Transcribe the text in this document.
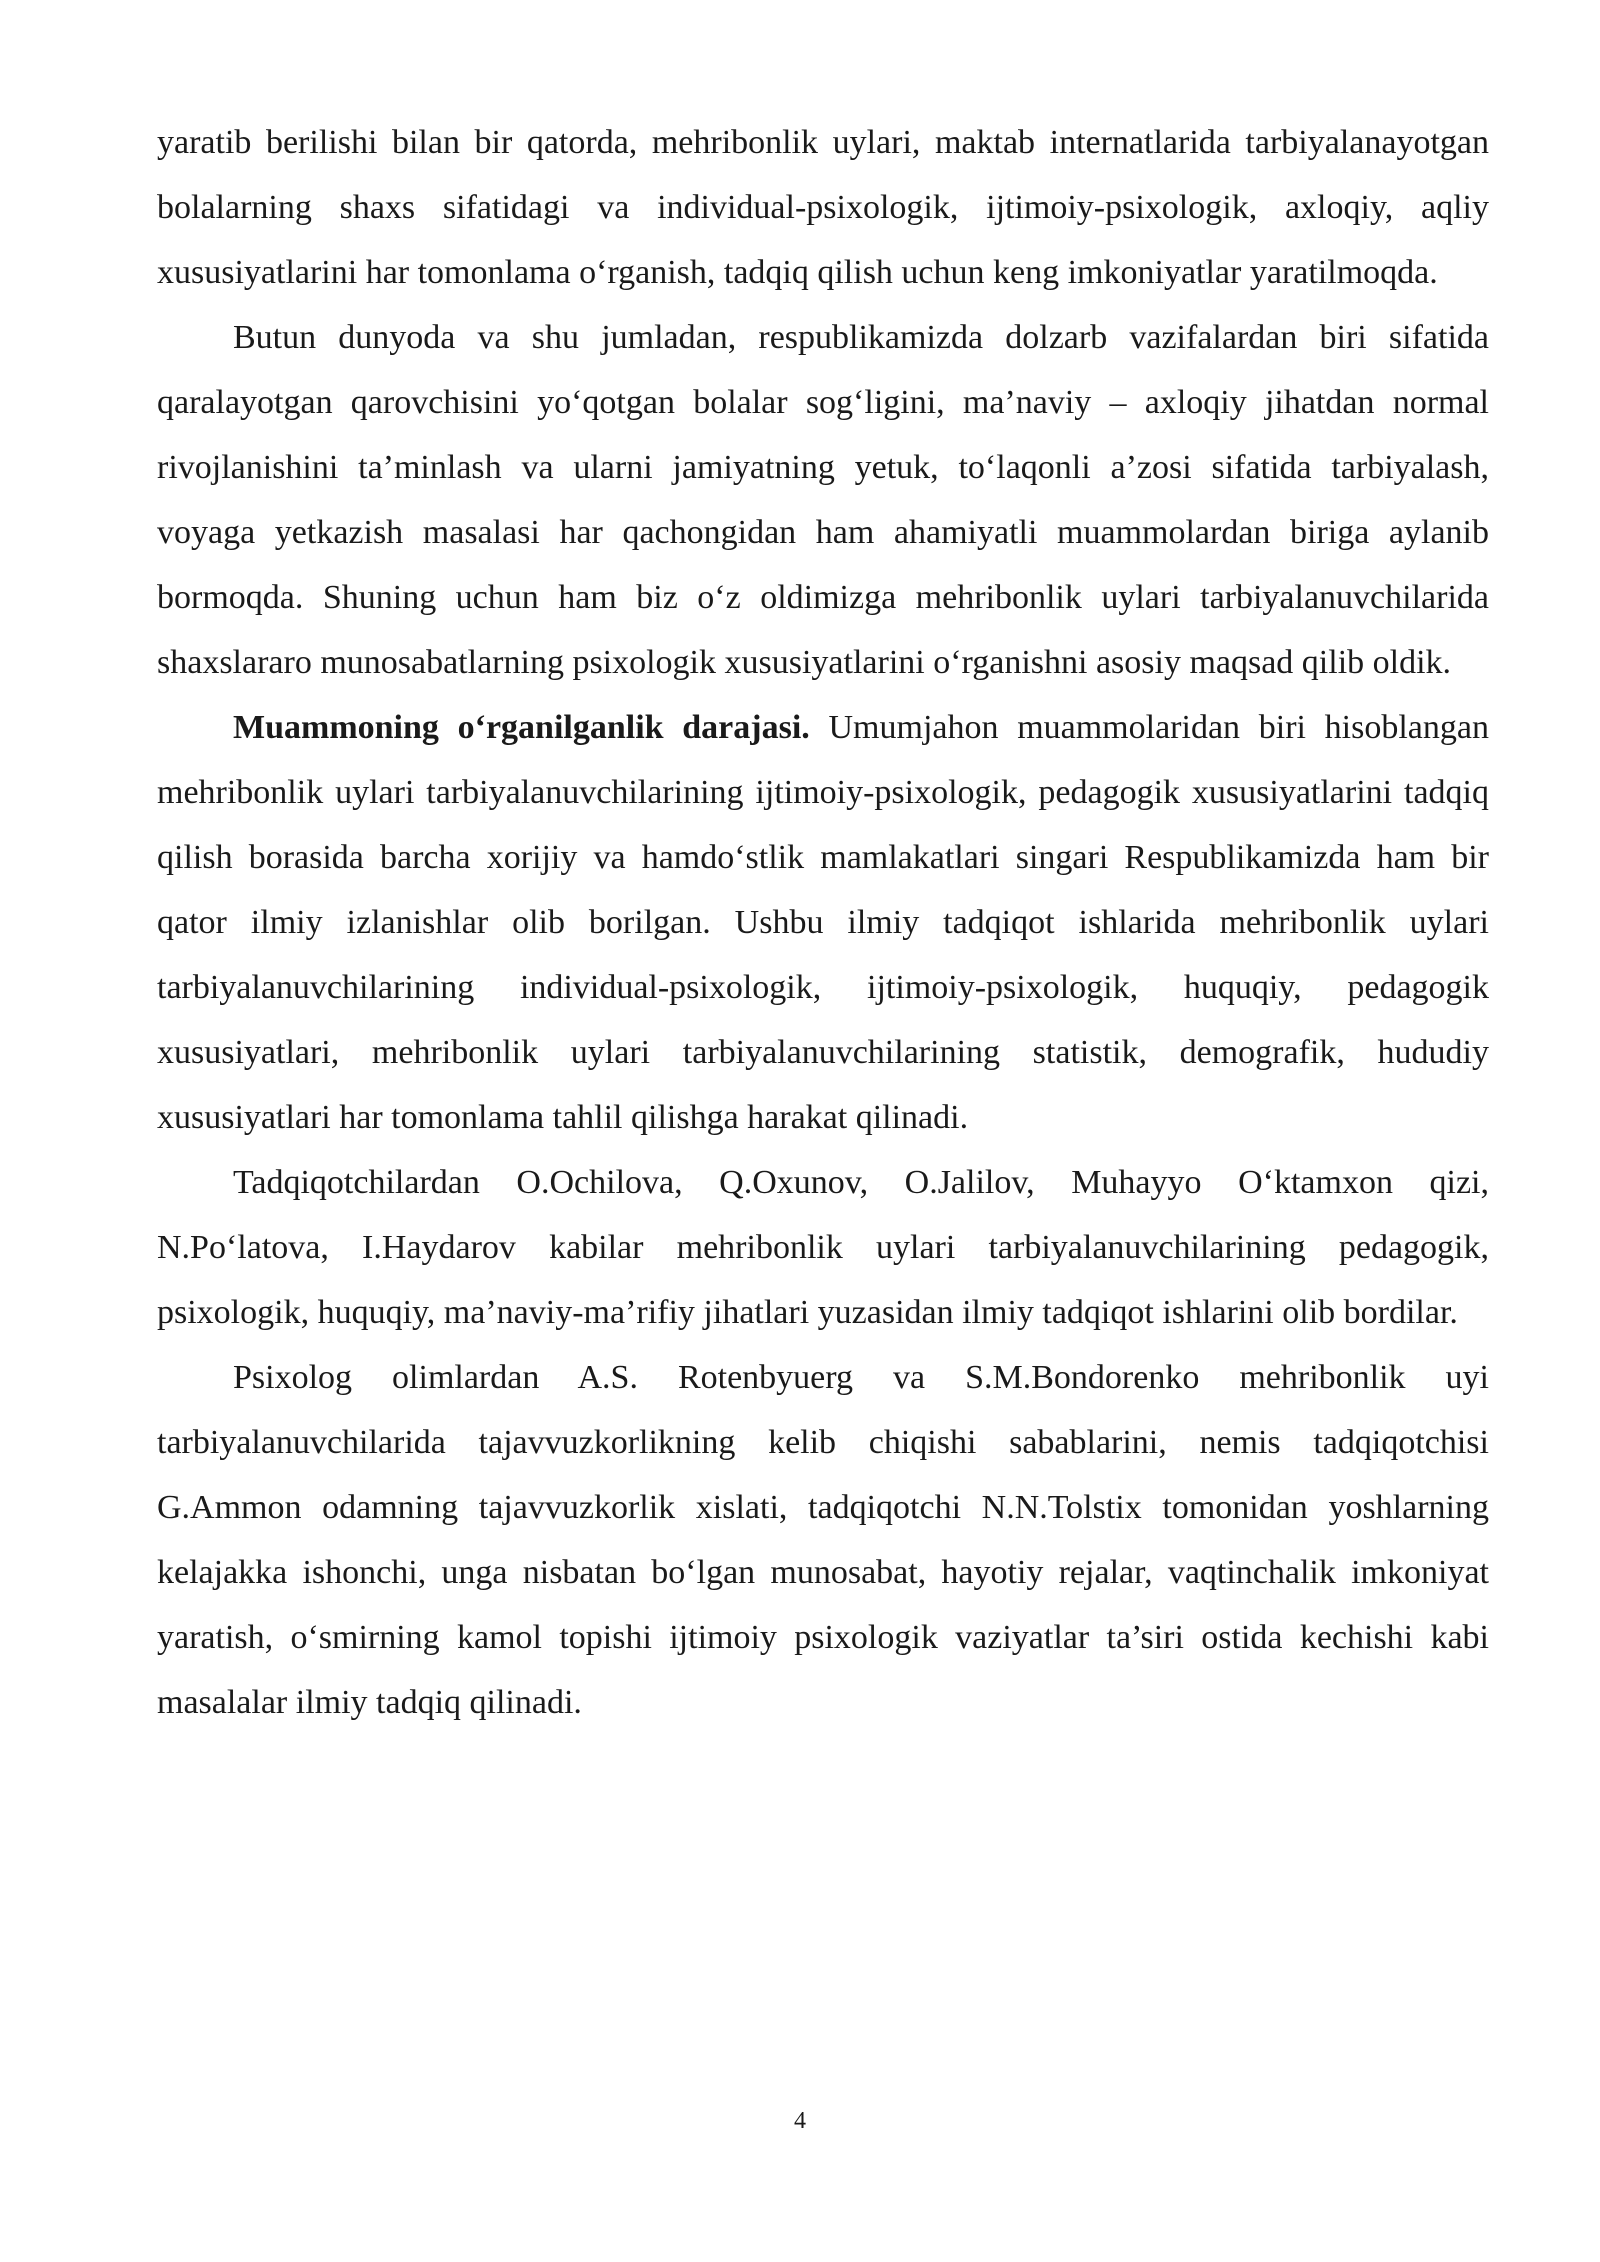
yaratib berilishi bilan bir qatorda, mehribonlik uylari, maktab internatlarida tarbiyalanayotgan bolalarning shaxs sifatidagi va individual-psixologik, ijtimoiy-psixologik, axloqiy, aqliy xususiyatlarini har tomonlama o‘rganish, tadqiq qilish uchun keng imkoniyatlar yaratilmoqda.

Butun dunyoda va shu jumladan, respublikamizda dolzarb vazifalardan biri sifatida qaralayotgan qarovchisini yo‘qotgan bolalar sog‘ligini, ma’naviy – axloqiy jihatdan normal rivojlanishini ta’minlash va ularni jamiyatning yetuk, to‘laqonli a’zosi sifatida tarbiyalash, voyaga yetkazish masalasi har qachongidan ham ahamiyatli muammolardan biriga aylanib bormoqda. Shuning uchun ham biz o‘z oldimizga mehribonlik uylari tarbiyalanuvchilarida shaxslararo munosabatlarning psixologik xususiyatlarini o‘rganishni asosiy maqsad qilib oldik.

Muammoning o‘rganilganlik darajasi. Umumjahon muammolaridan biri hisoblangan mehribonlik uylari tarbiyalanuvchilarining ijtimoiy-psixologik, pedagogik xususiyatlarini tadqiq qilish borasida barcha xorijiy va hamdo‘stlik mamlakatlari singari Respublikamizda ham bir qator ilmiy izlanishlar olib borilgan. Ushbu ilmiy tadqiqot ishlarida mehribonlik uylari tarbiyalanuvchilarining individual-psixologik, ijtimoiy-psixologik, huquqiy, pedagogik xususiyatlari, mehribonlik uylari tarbiyalanuvchilarining statistik, demografik, hududiy xususiyatlari har tomonlama tahlil qilishga harakat qilinadi.

Tadqiqotchilardan O.Ochilova, Q.Oxunov, O.Jalilov, Muhayyo O‘ktamxon qizi, N.Po‘latova, I.Haydarov kabilar mehribonlik uylari tarbiyalanuvchilarining pedagogik, psixologik, huquqiy, ma’naviy-ma’rifiy jihatlari yuzasidan ilmiy tadqiqot ishlarini olib bordilar.

Psixolog olimlardan A.S. Rotenbyuerg va S.M.Bondorenko mehribonlik uyi tarbiyalanuvchilarida tajavvuzkorlikning kelib chiqishi sabablarini, nemis tadqiqotchisi G.Ammon odamning tajavvuzkorlik xislati, tadqiqotchi N.N.Tolstix tomonidan yoshlarning kelajakka ishonchi, unga nisbatan bo‘lgan munosabat, hayotiy rejalar, vaqtinchalik imkoniyat yaratish, o‘smirning kamol topishi ijtimoiy psixologik vaziyatlar ta’siri ostida kechishi kabi masalalar ilmiy tadqiq qilinadi.

4
